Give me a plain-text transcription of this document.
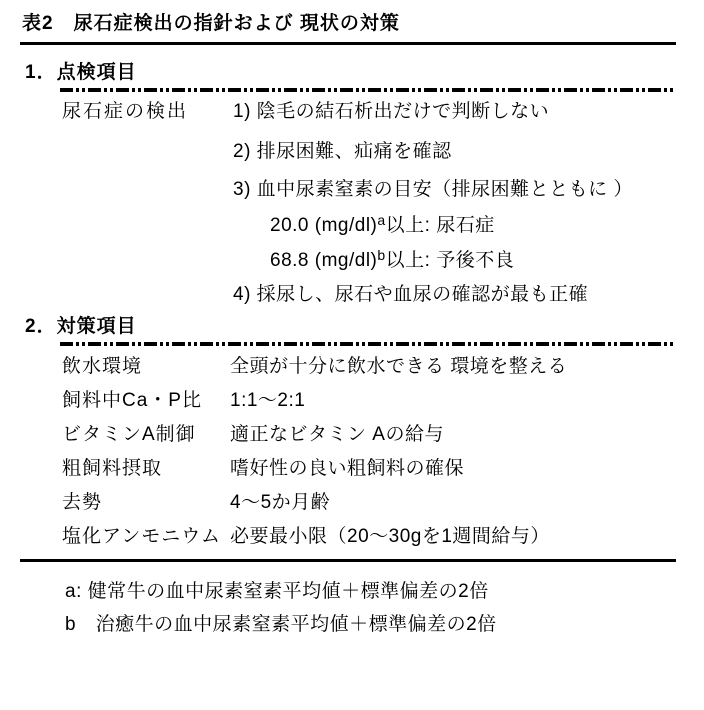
表2　尿石症検出の指針および 現状の対策
1．点検項目
尿石症の検出 1) 陰毛の結石析出だけで判断しない
2) 排尿困難、疝痛を確認
3) 血中尿素窒素の目安（排尿困難とともに ）
20.0 (mg/dl)$^a$以上: 尿石症
68.8 (mg/dl)$^b$以上: 予後不良
4) 採尿し、尿石や血尿の確認が最も正確
2．対策項目
飲水環境	全頭が十分に飲水できる 環境を整える
飼料中Ca・P比	1:1～2:1
ビタミンA制御	適正なビタミン Aの給与
粗飼料摂取	嗜好性の良い粗飼料の確保
去勢	4～5か月齢
塩化アンモニウム 必要最小限（20～30gを1週間給与）
a: 健常牛の血中尿素窒素平均値＋標準偏差の2倍
b　治癒牛の血中尿素窒素平均値＋標準偏差の2倍
